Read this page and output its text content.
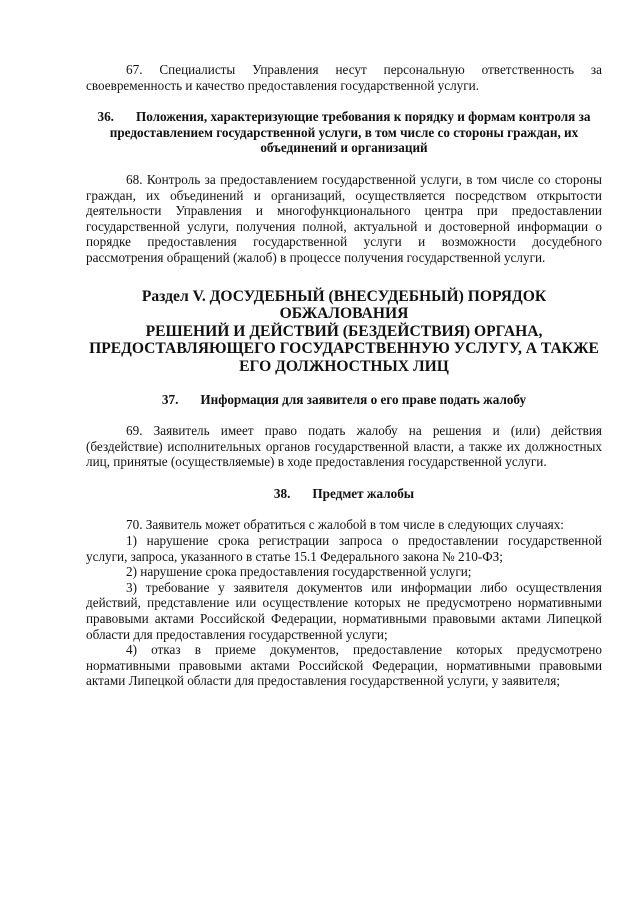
67. Специалисты Управления несут персональную ответственность за своевременность и качество предоставления государственной услуги.

36. Положения, характеризующие требования к порядку и формам контроля за предоставлением государственной услуги, в том числе со стороны граждан, их объединений и организаций

68. Контроль за предоставлением государственной услуги, в том числе со стороны граждан, их объединений и организаций, осуществляется посредством открытости деятельности Управления и многофункционального центра при предоставлении государственной услуги, получения полной, актуальной и достоверной информации о порядке предоставления государственной услуги и возможности досудебного рассмотрения обращений (жалоб) в процессе получения государственной услуги.

Раздел V. ДОСУДЕБНЫЙ (ВНЕСУДЕБНЫЙ) ПОРЯДОК ОБЖАЛОВАНИЯ
РЕШЕНИЙ И ДЕЙСТВИЙ (БЕЗДЕЙСТВИЯ) ОРГАНА,
ПРЕДОСТАВЛЯЮЩЕГО ГОСУДАРСТВЕННУЮ УСЛУГУ, А ТАКЖЕ
ЕГО ДОЛЖНОСТНЫХ ЛИЦ
37. Информация для заявителя о его праве подать жалобу

69. Заявитель имеет право подать жалобу на решения и (или) действия (бездействие) исполнительных органов государственной власти, а также их должностных лиц, принятые (осуществляемые) в ходе предоставления государственной услуги.

38. Предмет жалобы

70. Заявитель может обратиться с жалобой в том числе в следующих случаях:

1) нарушение срока регистрации запроса о предоставлении государственной услуги, запроса, указанного в статье 15.1 Федерального закона № 210-ФЗ;

2) нарушение срока предоставления государственной услуги;

3) требование у заявителя документов или информации либо осуществления действий, представление или осуществление которых не предусмотрено нормативными правовыми актами Российской Федерации, нормативными правовыми актами Липецкой области для предоставления государственной услуги;

4) отказ в приеме документов, предоставление которых предусмотрено нормативными правовыми актами Российской Федерации, нормативными правовыми актами Липецкой области для предоставления государственной услуги, у заявителя;
